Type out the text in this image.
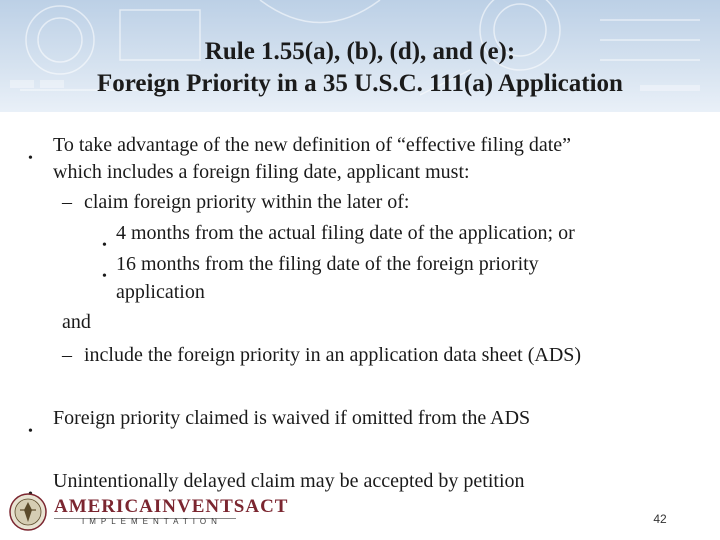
Rule 1.55(a), (b), (d), and (e):
Foreign Priority in a 35 U.S.C. 111(a) Application
•
To take advantage of the new definition of “effective filing date”
which includes a foreign filing date, applicant must:
– claim foreign priority within the later of:
•
4 months from the actual filing date of the application; or
•
16 months from the filing date of the foreign priority
application
and
– include the foreign priority in an application data sheet (ADS)
•
Foreign priority claimed is waived if omitted from the ADS
Unintentionally delayed claim may be accepted by petition
AMERICAINVENTSACT
IMPLEMENTATION	42
